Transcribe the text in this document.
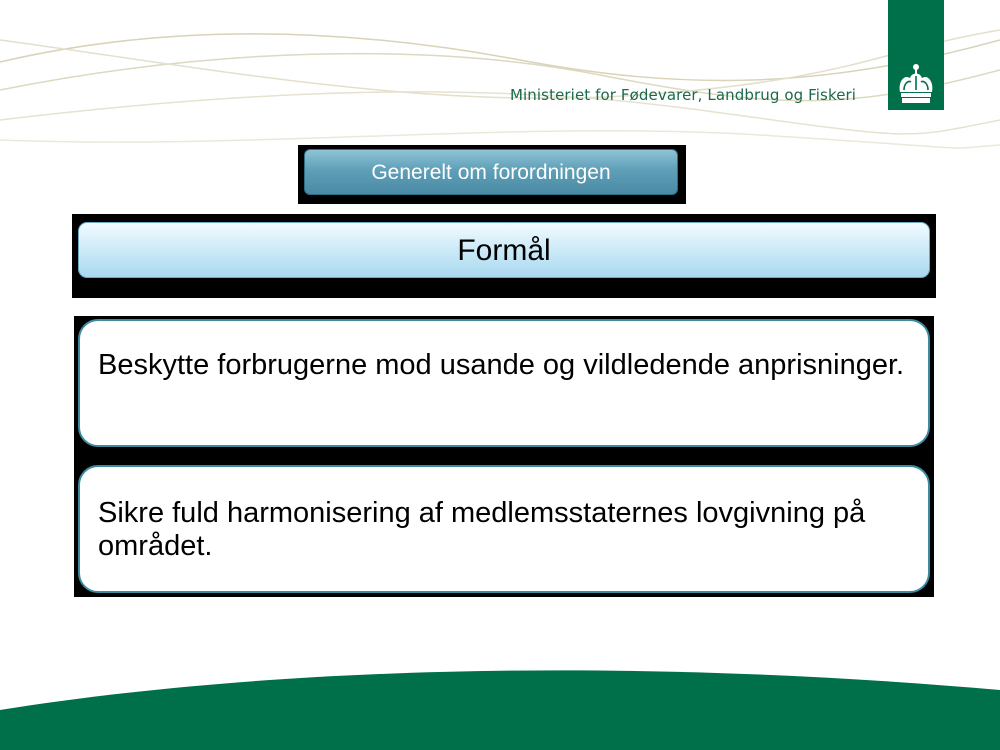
Ministeriet for Fødevarer, Landbrug og Fiskeri
Generelt om forordningen
Formål
Beskytte forbrugerne mod usande og vildledende anprisninger.
Sikre fuld harmonisering af medlemsstaternes lovgivning på området.
